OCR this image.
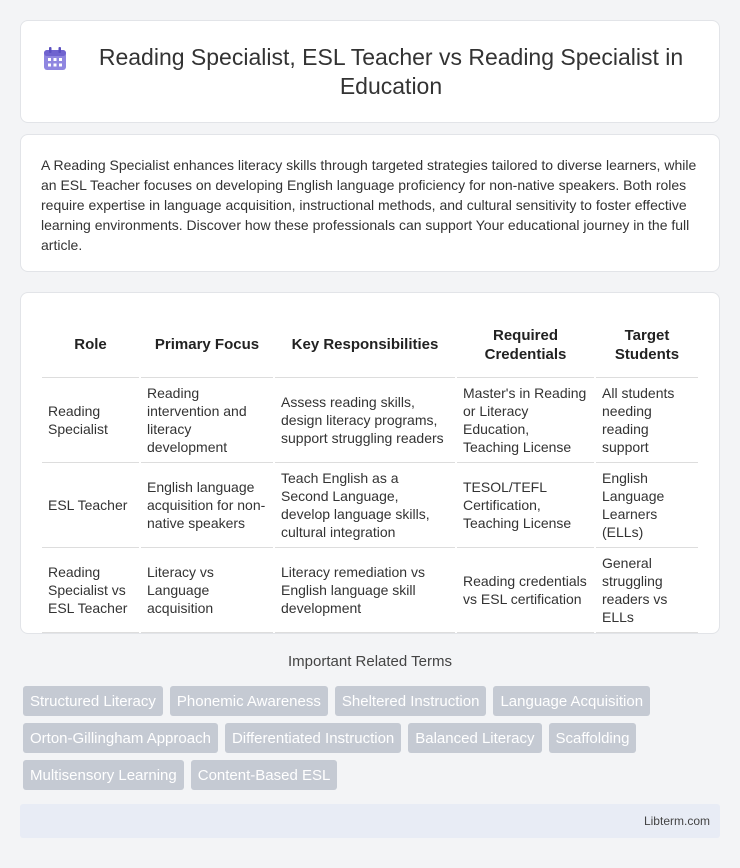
Reading Specialist, ESL Teacher vs Reading Specialist in Education

A Reading Specialist enhances literacy skills through targeted strategies tailored to diverse learners, while an ESL Teacher focuses on developing English language proficiency for non-native speakers. Both roles require expertise in language acquisition, instructional methods, and cultural sensitivity to foster effective learning environments. Discover how these professionals can support Your educational journey in the full article.

Role	Primary Focus	Key Responsibilities	Required Credentials	Target Students
Reading Specialist	Reading intervention and literacy development	Assess reading skills, design literacy programs, support struggling readers	Master's in Reading or Literacy Education, Teaching License	All students needing reading support
ESL Teacher	English language acquisition for non-native speakers	Teach English as a Second Language, develop language skills, cultural integration	TESOL/TEFL Certification, Teaching License	English Language Learners (ELLs)
Reading Specialist vs ESL Teacher	Literacy vs Language acquisition	Literacy remediation vs English language skill development	Reading credentials vs ESL certification	General struggling readers vs ELLs
Important Related Terms
Structured Literacy	Phonemic Awareness	Sheltered Instruction	Language Acquisition
Orton-Gillingham Approach	Differentiated Instruction	Balanced Literacy	Scaffolding
Multisensory Learning	Content-Based ESL
Libterm.com
